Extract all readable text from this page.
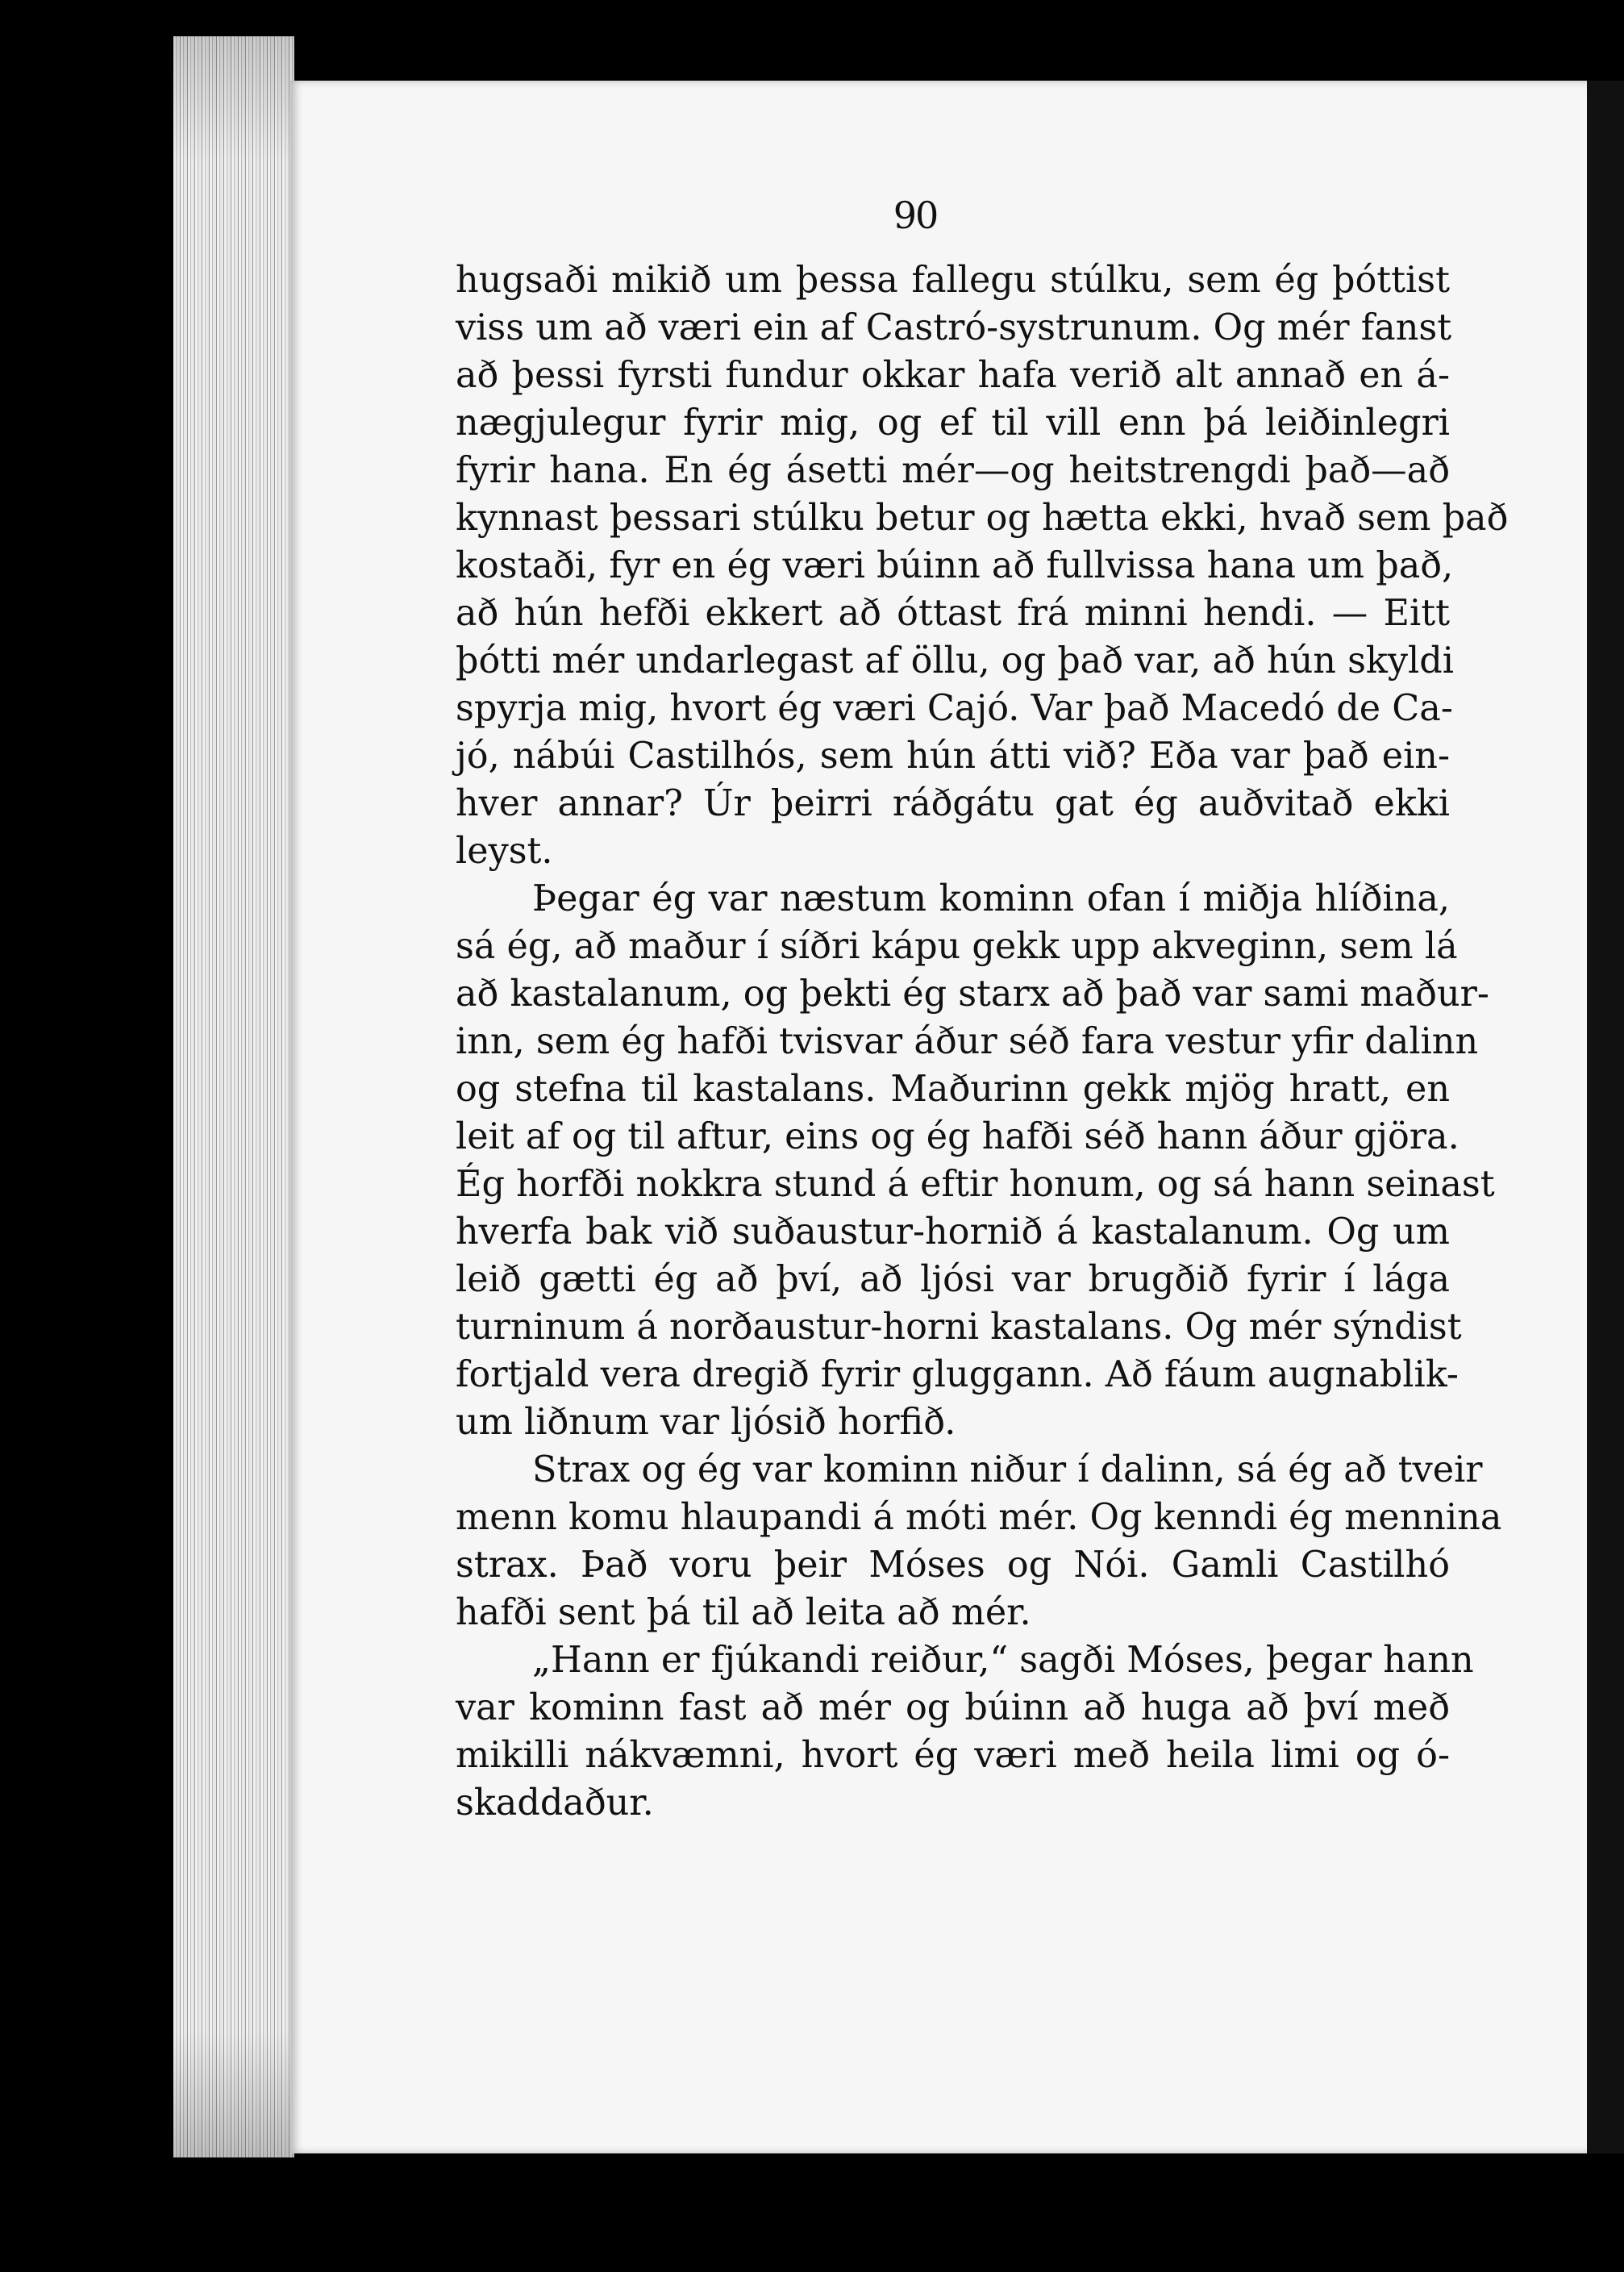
90
hugsaði mikið um þessa fallegu stúlku, sem ég þóttist
viss um að væri ein af Castró-systrunum. Og mér fanst
að þessi fyrsti fundur okkar hafa verið alt annað en á-
nægjulegur fyrir mig, og ef til vill enn þá leiðinlegri
fyrir hana. En ég ásetti mér—og heitstrengdi það—að
kynnast þessari stúlku betur og hætta ekki, hvað sem það
kostaði, fyr en ég væri búinn að fullvissa hana um það,
að hún hefði ekkert að óttast frá minni hendi. — Eitt
þótti mér undarlegast af öllu, og það var, að hún skyldi
spyrja mig, hvort ég væri Cajó. Var það Macedó de Ca-
jó, nábúi Castilhós, sem hún átti við? Eða var það ein-
hver annar? Úr þeirri ráðgátu gat ég auðvitað ekki
leyst.
Þegar ég var næstum kominn ofan í miðja hlíðina,
sá ég, að maður í síðri kápu gekk upp akveginn, sem lá
að kastalanum, og þekti ég starx að það var sami maður-
inn, sem ég hafði tvisvar áður séð fara vestur yfir dalinn
og stefna til kastalans. Maðurinn gekk mjög hratt, en
leit af og til aftur, eins og ég hafði séð hann áður gjöra.
Ég horfði nokkra stund á eftir honum, og sá hann seinast
hverfa bak við suðaustur-hornið á kastalanum. Og um
leið gætti ég að því, að ljósi var brugðið fyrir í lága
turninum á norðaustur-horni kastalans. Og mér sýndist
fortjald vera dregið fyrir gluggann. Að fáum augnablik-
um liðnum var ljósið horfið.
Strax og ég var kominn niður í dalinn, sá ég að tveir
menn komu hlaupandi á móti mér. Og kenndi ég mennina
strax. Það voru þeir Móses og Nói. Gamli Castilhó
hafði sent þá til að leita að mér.
„Hann er fjúkandi reiður,“ sagði Móses, þegar hann
var kominn fast að mér og búinn að huga að því með
mikilli nákvæmni, hvort ég væri með heila limi og ó-
skaddaður.
